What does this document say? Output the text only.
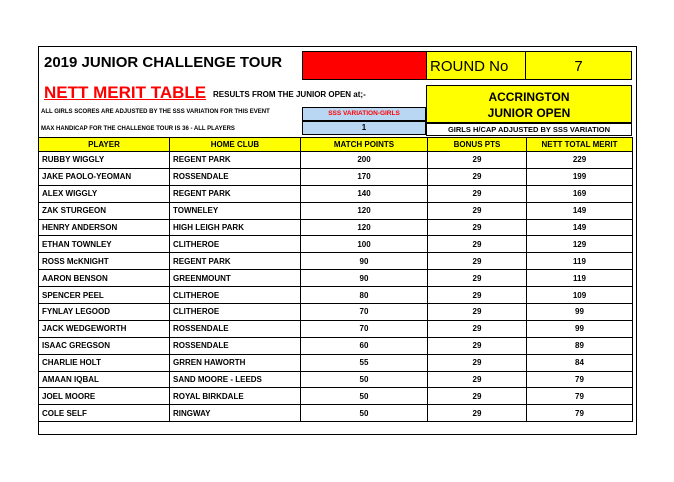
2019 JUNIOR CHALLENGE TOUR	ROUND No	7
NETT MERIT TABLE RESULTS FROM THE JUNIOR OPEN at;-	ACCRINGTON
JUNIOR OPEN
ALL GIRLS SCORES ARE ADJUSTED BY THE SSS VARIATION FOR THIS EVENT
MAX HANDICAP FOR THE CHALLENGE TOUR IS 36 - ALL PLAYERS
SSS VARIATION-GIRLS
1	GIRLS H/CAP ADJUSTED BY SSS VARIATION
PLAYER	HOME CLUB	MATCH POINTS	BONUS PTS	NETT TOTAL MERIT
RUBBY WIGGLY	REGENT PARK	200	29	229
JAKE PAOLO-YEOMAN	ROSSENDALE	170	29	199
ALEX WIGGLY	REGENT PARK	140	29	169
ZAK STURGEON	TOWNELEY	120	29	149
HENRY ANDERSON	HIGH LEIGH PARK	120	29	149
ETHAN TOWNLEY	CLITHEROE	100	29	129
ROSS McKNIGHT	REGENT PARK	90	29	119
AARON BENSON	GREENMOUNT	90	29	119
SPENCER PEEL	CLITHEROE	80	29	109
FYNLAY LEGOOD	CLITHEROE	70	29	99
JACK WEDGEWORTH	ROSSENDALE	70	29	99
ISAAC GREGSON	ROSSENDALE	60	29	89
CHARLIE HOLT	GRREN HAWORTH	55	29	84
AMAAN IQBAL	SAND MOORE - LEEDS	50	29	79
JOEL MOORE	ROYAL BIRKDALE	50	29	79
COLE SELF	RINGWAY	50	29	79
